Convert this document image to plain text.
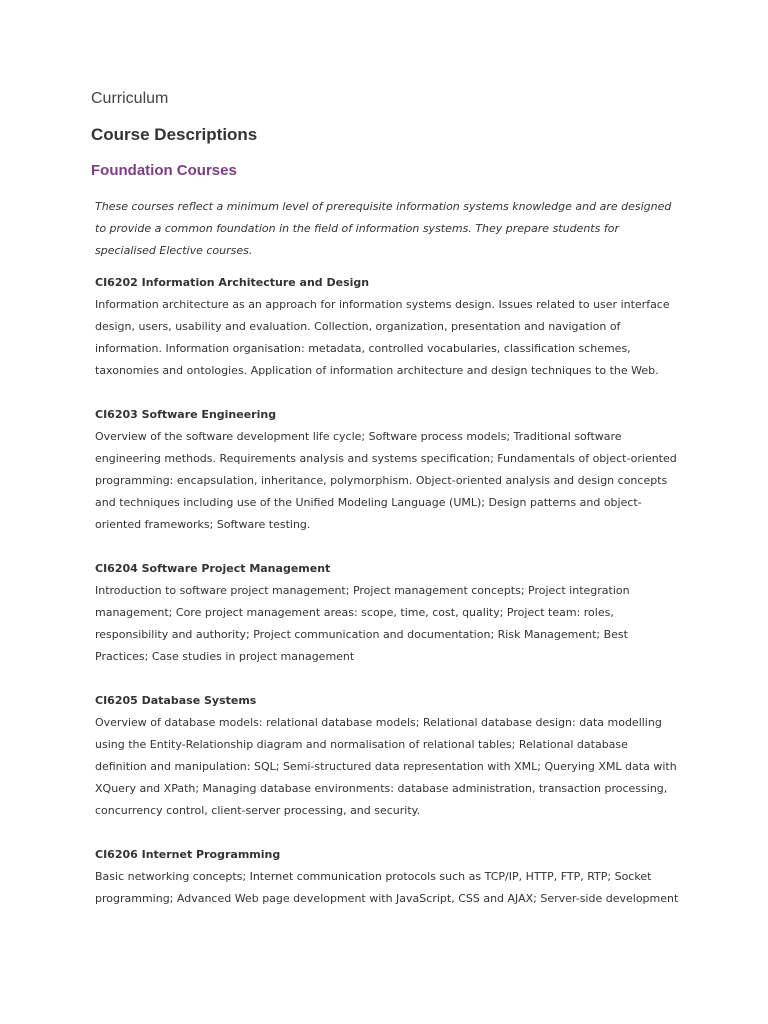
Curriculum

Course Descriptions
Foundation Courses

These courses reflect a minimum level of prerequisite information systems knowledge and are designed to provide a common foundation in the field of information systems. They prepare students for specialised Elective courses.

CI6202 Information Architecture and Design

Information architecture as an approach for information systems design. Issues related to user interface design, users, usability and evaluation. Collection, organization, presentation and navigation of information. Information organisation: metadata, controlled vocabularies, classification schemes, taxonomies and ontologies. Application of information architecture and design techniques to the Web.

CI6203 Software Engineering

Overview of the software development life cycle; Software process models; Traditional software engineering methods. Requirements analysis and systems specification; Fundamentals of object-oriented programming: encapsulation, inheritance, polymorphism. Object-oriented analysis and design concepts and techniques including use of the Unified Modeling Language (UML); Design patterns and object-oriented frameworks; Software testing.

CI6204 Software Project Management

Introduction to software project management; Project management concepts; Project integration management; Core project management areas: scope, time, cost, quality; Project team: roles, responsibility and authority; Project communication and documentation; Risk Management; Best Practices; Case studies in project management

CI6205 Database Systems

Overview of database models: relational database models; Relational database design: data modelling using the Entity-Relationship diagram and normalisation of relational tables; Relational database definition and manipulation: SQL; Semi-structured data representation with XML; Querying XML data with XQuery and XPath; Managing database environments: database administration, transaction processing, concurrency control, client-server processing, and security.

CI6206 Internet Programming

Basic networking concepts; Internet communication protocols such as TCP/IP, HTTP, FTP, RTP; Socket programming; Advanced Web page development with JavaScript, CSS and AJAX; Server-side development
